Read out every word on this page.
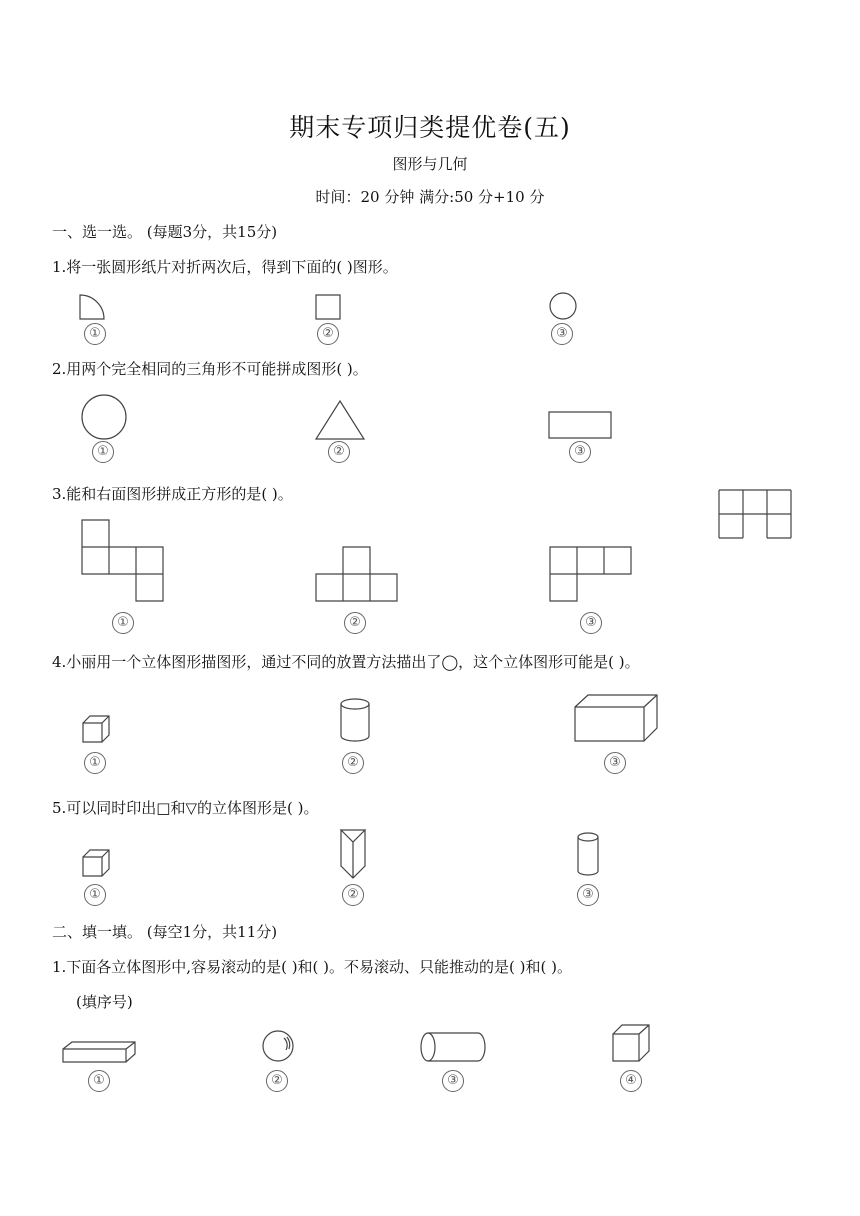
期末专项归类提优卷(五)
图形与几何
时间：20 分钟 满分:50 分+10 分
一、选一选。 (每题3分，共15分)
1.将一张圆形纸片对折两次后，得到下面的( )图形。
①	②	③
2.用两个完全相同的三角形不可能拼成图形( )。
①	②	③
3.能和右面图形拼成正方形的是( )。
①	②	③
4.小丽用一个立体图形描图形，通过不同的放置方法描出了◯，这个立体图形可能是( )。
①	②	③
5.可以同时印出□和▽的立体图形是( )。
①	②	③
二、填一填。 (每空1分，共11分)
1.下面各立体图形中,容易滚动的是( )和( )。不易滚动、只能推动的是( )和( )。
(填序号)
①	②	③	④
